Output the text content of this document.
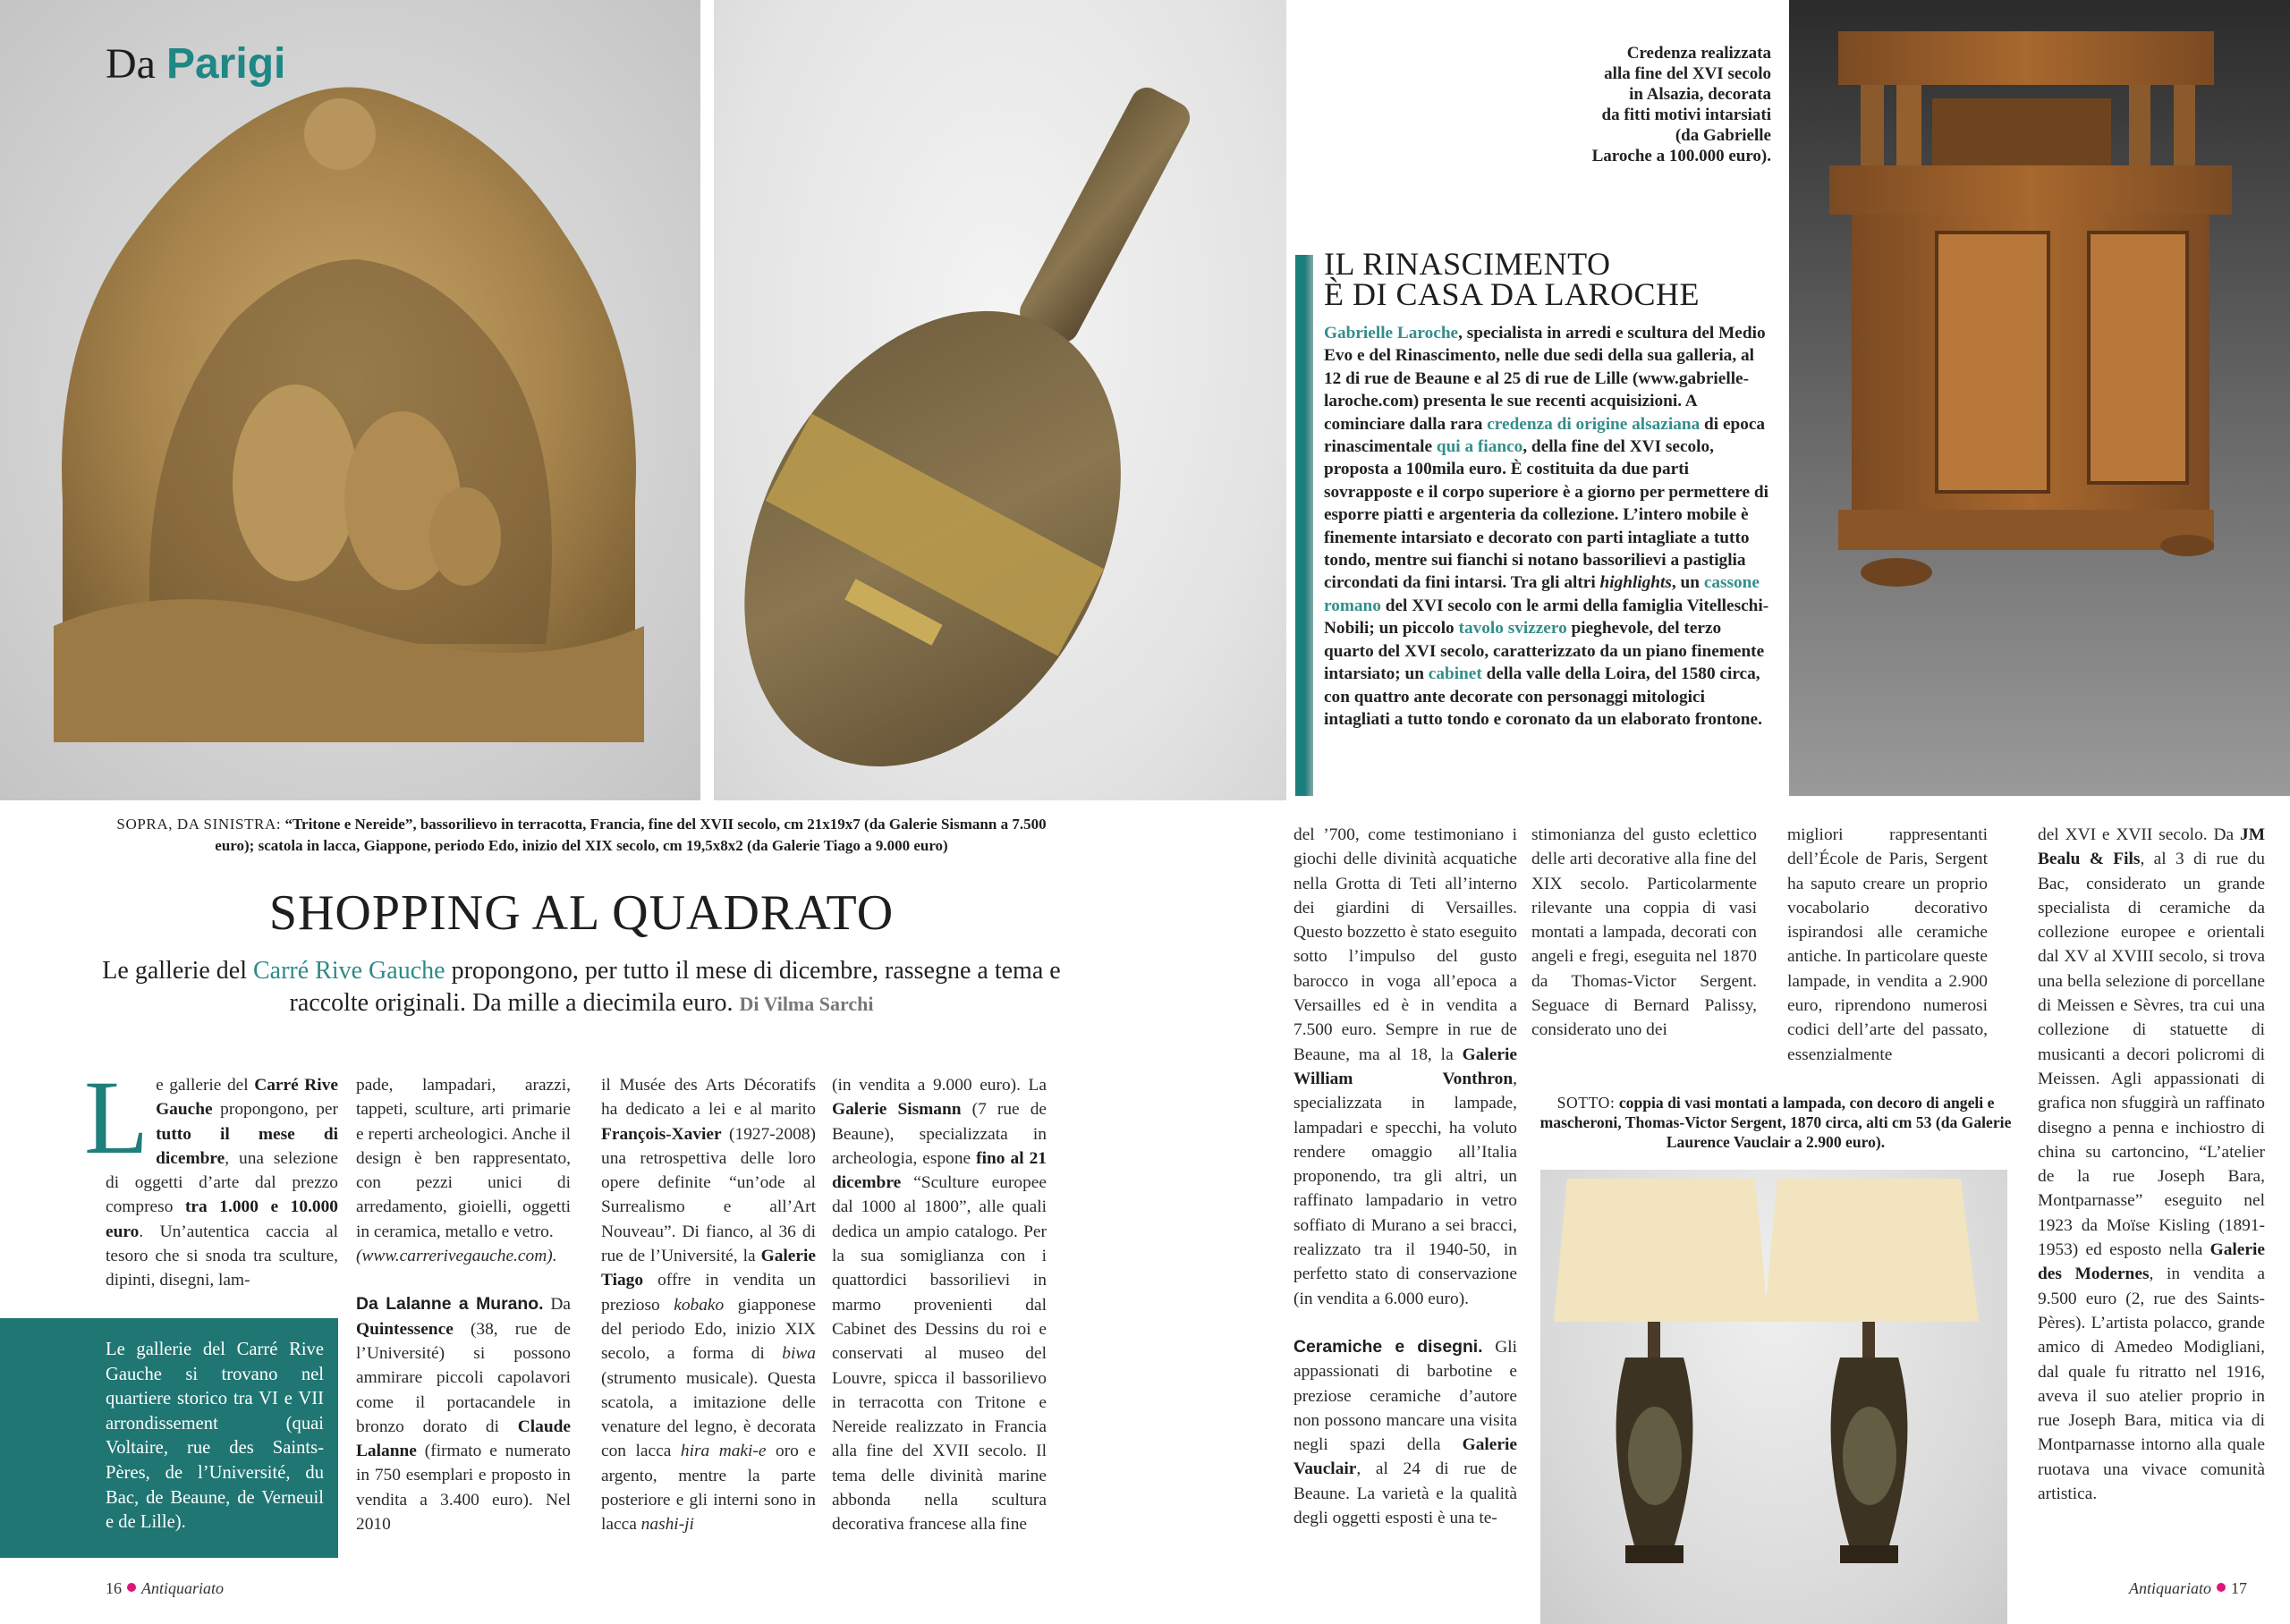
Da Parigi	Credenza realizzata
alla fine del XVI secolo
in Alsazia, decorata
da fitti motivi intarsiati
(da Gabrielle
Laroche a 100.000 euro).
IL RINASCIMENTO
È DI CASA DA LAROCHE
Gabrielle Laroche, specialista in arredi e scultura del Medio Evo e del Rinascimento, nelle due sedi della sua galleria, al 12 di rue de Beaune e al 25 di rue de Lille (www.gabrielle-laroche.com) presenta le sue recenti acquisizioni. A cominciare dalla rara credenza di origine alsaziana di epoca rinascimentale qui a fianco, della fine del XVI secolo, proposta a 100mila euro. È costituita da due parti sovrapposte e il corpo superiore è a giorno per permettere di esporre piatti e argenteria da collezione. L’intero mobile è finemente intarsiato e decorato con parti intagliate a tutto tondo, mentre sui fianchi si notano bassorilievi a pastiglia circondati da fini intarsi. Tra gli altri highlights, un cassone romano del XVI secolo con le armi della famiglia Vitelleschi-Nobili; un piccolo tavolo svizzero pieghevole, del terzo quarto del XVI secolo, caratterizzato da un piano finemente intarsiato; un cabinet della valle della Loira, del 1580 circa, con quattro ante decorate con personaggi mitologici intagliati a tutto tondo e coronato da un elaborato frontone.
SOPRA, DA SINISTRA: “Tritone e Nereide”, bassorilievo in terracotta, Francia, fine del XVII secolo, cm 21x19x7 (da Galerie Sismann a 7.500 euro); scatola in lacca, Giappone, periodo Edo, inizio del XIX secolo, cm 19,5x8x2 (da Galerie Tiago a 9.000 euro)
SHOPPING AL QUADRATO
Le gallerie del Carré Rive Gauche propongono, per tutto il mese di dicembre, rassegne a tema e raccolte originali. Da mille a diecimila euro. Di Vilma Sarchi
Le gallerie del Carré Rive Gauche propongono, per tutto il mese di dicembre, una selezione di oggetti d’arte dal prezzo compreso tra 1.000 e 10.000 euro. Un’autentica caccia al tesoro che si snoda tra sculture, dipinti, disegni, lam-

pade, lampadari, arazzi, tappeti, sculture, arti primarie e reperti archeologici. Anche il design è ben rappresentato, con pezzi unici di arredamento, gioielli, oggetti in ceramica, metallo e vetro.

(www.carrerivegauche.com).

Da Lalanne a Murano. Da Quintessence (38, rue de l’Université) si possono ammirare piccoli capolavori come il portacandele in bronzo dorato di Claude Lalanne (firmato e numerato in 750 esemplari e proposto in vendita a 3.400 euro). Nel 2010

il Musée des Arts Décoratifs ha dedicato a lei e al marito François-Xavier (1927-2008) una retrospettiva delle loro opere definite “un’ode al Surrealismo e all’Art Nouveau”. Di fianco, al 36 di rue de l’Université, la Galerie Tiago offre in vendita un prezioso kobako giapponese del periodo Edo, inizio XIX secolo, a forma di biwa (strumento musicale). Questa scatola, a imitazione delle venature del legno, è decorata con lacca hira maki-e oro e argento, mentre la parte posteriore e gli interni sono in lacca nashi-ji
(in vendita a 9.000 euro). La Galerie Sismann (7 rue de Beaune), specializzata in archeologia, espone fino al 21 dicembre “Sculture europee dal 1000 al 1800”, alle quali dedica un ampio catalogo. Per la sua somiglianza con i quattordici bassorilievi in marmo provenienti dal Cabinet des Dessins du roi e conservati al museo del Louvre, spicca il bassorilievo in terracotta con Tritone e Nereide realizzato in Francia alla fine del XVII secolo. Il tema delle divinità marine abbonda nella scultura decorativa francese alla fine
Le gallerie del Carré Rive Gauche si trovano nel quartiere storico tra VI e VII arrondissement (quai Voltaire, rue des Saints-Pères, de l’Université, du Bac, de Beaune, de Verneuil e de Lille).

del ’700, come testimoniano i giochi delle divinità acquatiche nella Grotta di Teti all’interno dei giardini di Versailles. Questo bozzetto è stato eseguito sotto l’impulso del gusto barocco in voga all’epoca a Versailles ed è in vendita a 7.500 euro. Sempre in rue de Beaune, ma al 18, la Galerie William Vonthron, specializzata in lampade, lampadari e specchi, ha voluto rendere omaggio all’Italia proponendo, tra gli altri, un raffinato lampadario in vetro soffiato di Murano a sei bracci, realizzato tra il 1940-50, in perfetto stato di conservazione (in vendita a 6.000 euro).

Ceramiche e disegni. Gli appassionati di barbotine e preziose ceramiche d’autore non possono mancare una visita negli spazi della Galerie Vauclair, al 24 di rue de Beaune. La varietà e la qualità degli oggetti esposti è una te-

stimonianza del gusto eclettico delle arti decorative alla fine del XIX secolo. Particolarmente rilevante una coppia di vasi montati a lampada, decorati con angeli e fregi, eseguita nel 1870 da Thomas-Victor Sergent. Seguace di Bernard Palissy, considerato uno dei
migliori rappresentanti dell’École de Paris, Sergent ha saputo creare un proprio vocabolario decorativo ispirandosi alle ceramiche antiche. In particolare queste lampade, in vendita a 2.900 euro, riprendono numerosi codici dell’arte del passato, essenzialmente
del XVI e XVII secolo. Da JM Bealu & Fils, al 3 di rue du Bac, considerato un grande specialista di ceramiche da collezione europee e orientali dal XV al XVIII secolo, si trova una bella selezione di porcellane di Meissen e Sèvres, tra cui una collezione di statuette di musicanti a decori policromi di Meissen. Agli appassionati di grafica non sfuggirà un raffinato disegno a penna e inchiostro di china su cartoncino, “L’atelier de la rue Joseph Bara, Montparnasse” eseguito nel 1923 da Moïse Kisling (1891-1953) ed esposto nella Galerie des Modernes, in vendita a 9.500 euro (2, rue des Saints-Pères). L’artista polacco, grande amico di Amedeo Modigliani, dal quale fu ritratto nel 1916, aveva il suo atelier proprio in rue Joseph Bara, mitica via di Montparnasse intorno alla quale ruotava una vivace comunità artistica.
SOTTO: coppia di vasi montati a lampada, con decoro di angeli e mascheroni, Thomas-Victor Sergent, 1870 circa, alti cm 53 (da Galerie Laurence Vauclair a 2.900 euro).
16 Antiquariato	Antiquariato 17
